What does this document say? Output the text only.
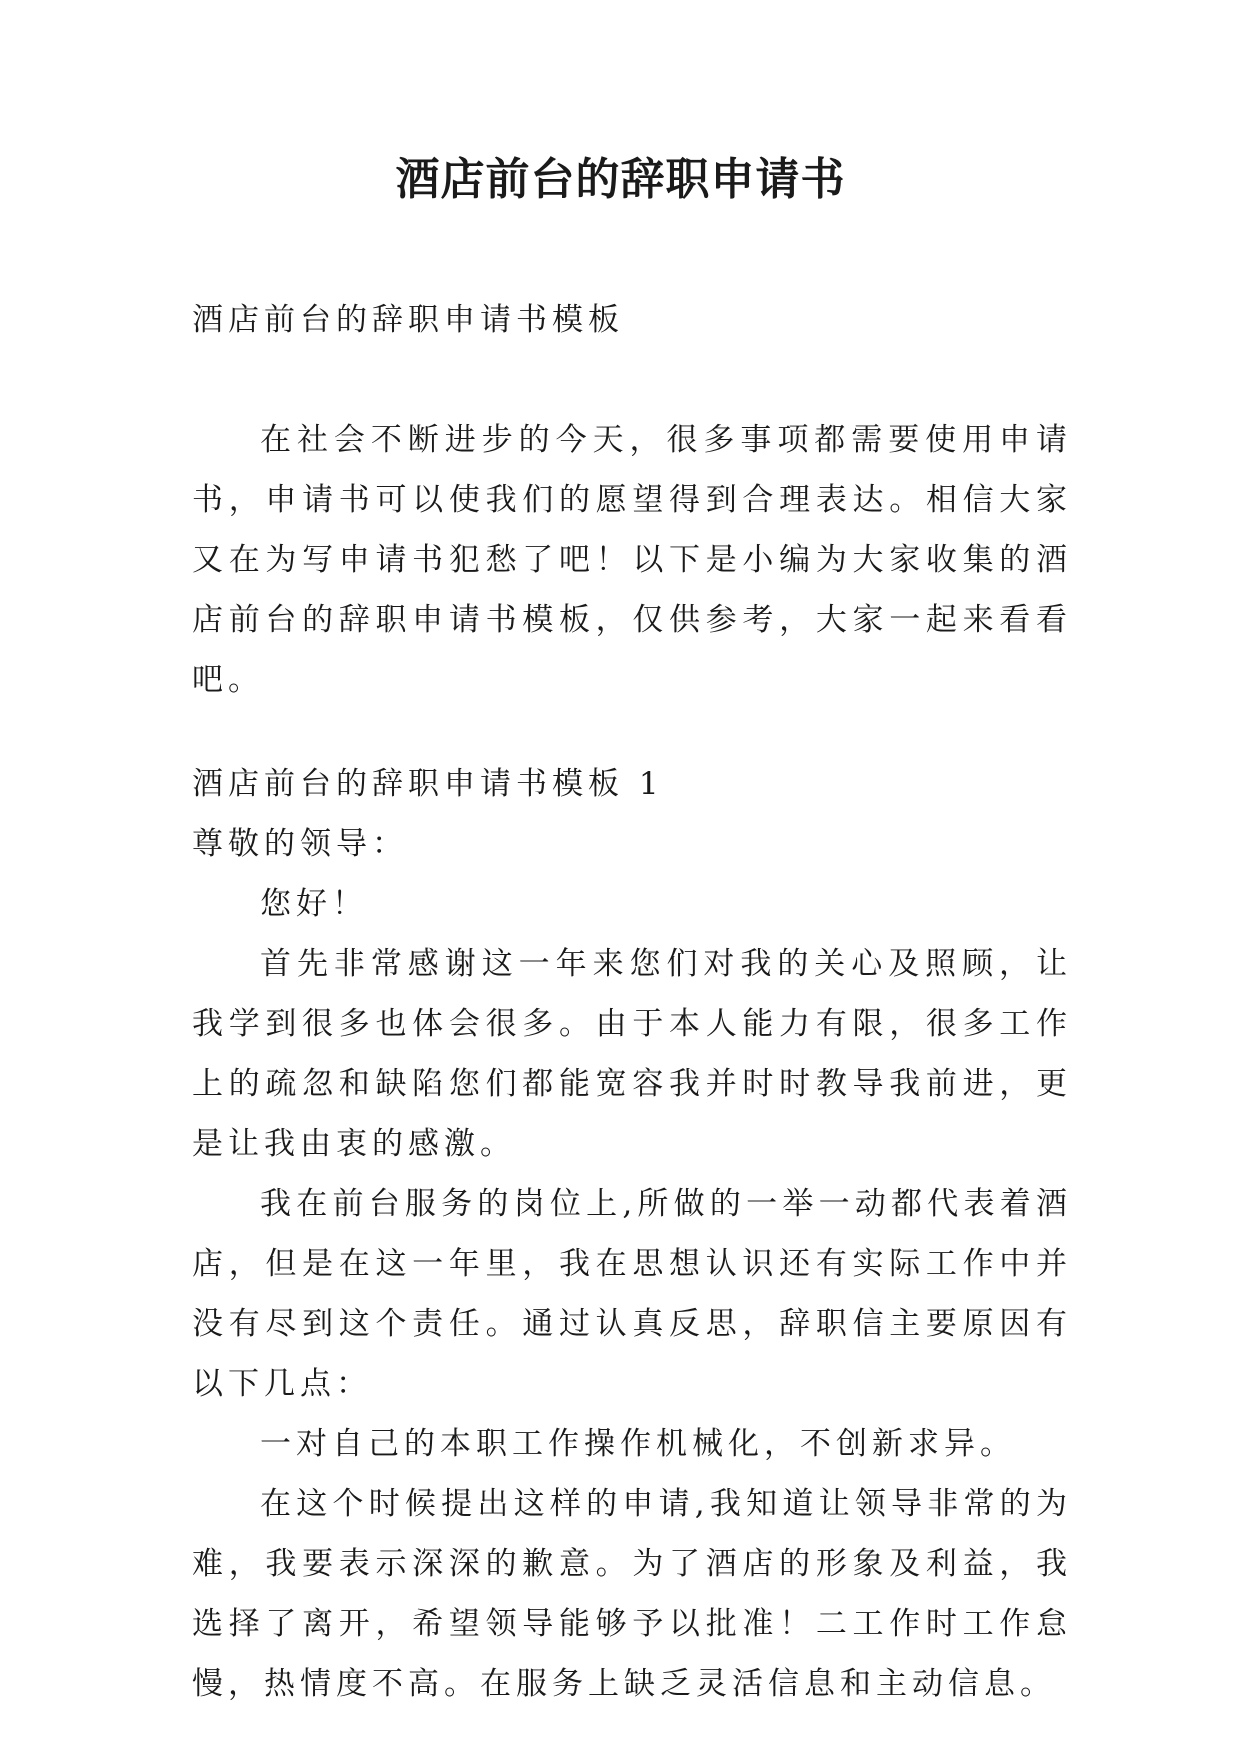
酒店前台的辞职申请书

酒店前台的辞职申请书模板

在社会不断进步的今天，很多事项都需要使用申请书，申请书可以使我们的愿望得到合理表达。相信大家又在为写申请书犯愁了吧！以下是小编为大家收集的酒店前台的辞职申请书模板，仅供参考，大家一起来看看吧。

酒店前台的辞职申请书模板 1

尊敬的领导：

您好！

首先非常感谢这一年来您们对我的关心及照顾，让我学到很多也体会很多。由于本人能力有限，很多工作上的疏忽和缺陷您们都能宽容我并时时教导我前进，更是让我由衷的感激。

我在前台服务的岗位上,所做的一举一动都代表着酒店，但是在这一年里，我在思想认识还有实际工作中并没有尽到这个责任。通过认真反思，辞职信主要原因有以下几点：

一对自己的本职工作操作机械化，不创新求异。

在这个时候提出这样的申请,我知道让领导非常的为难，我要表示深深的歉意。为了酒店的形象及利益，我选择了离开，希望领导能够予以批准！二工作时工作怠慢，热情度不高。在服务上缺乏灵活信息和主动信息。
